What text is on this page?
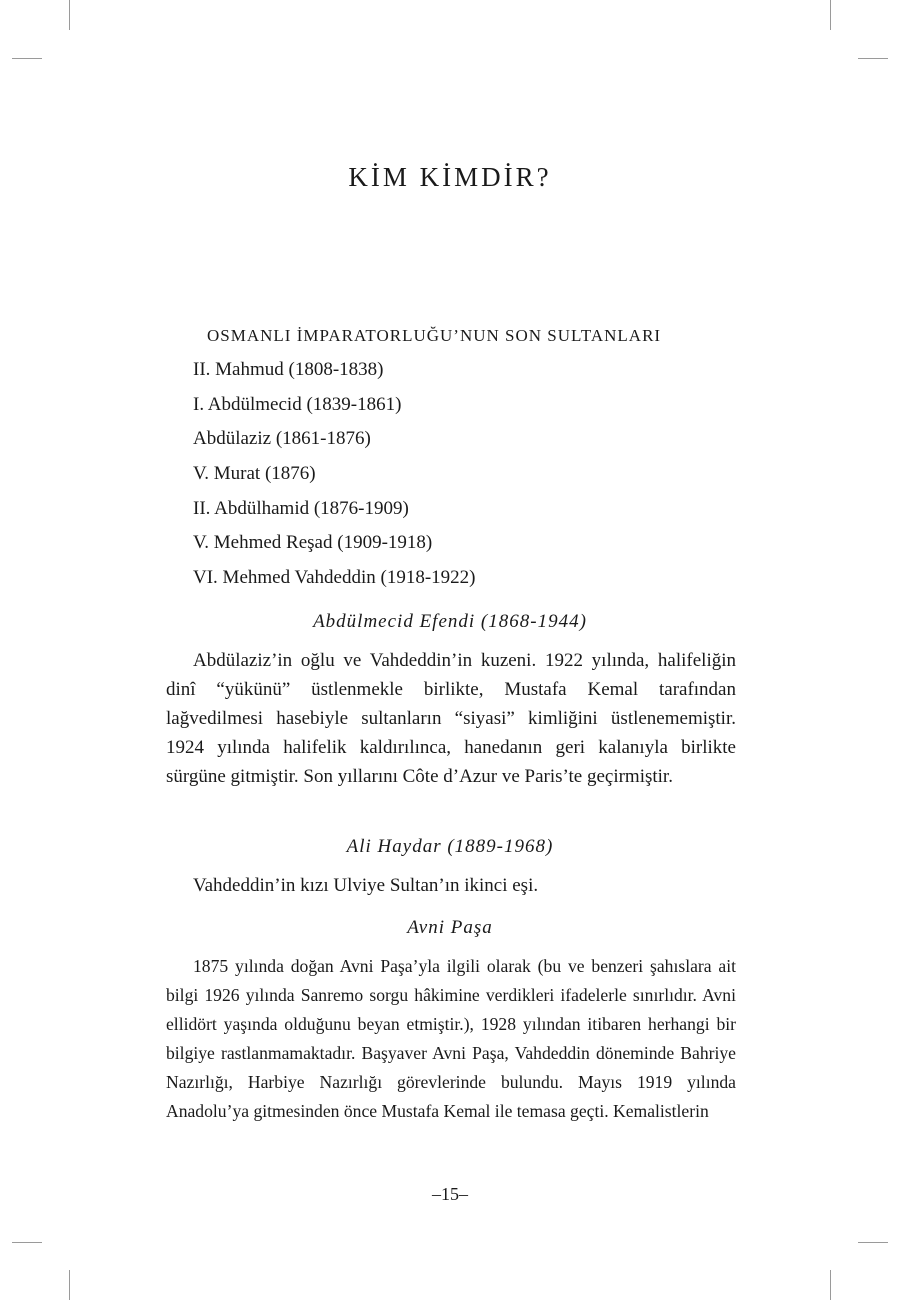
KİM KİMDİR?
OSMANLI İMPARATORLUĞU’NUN SON SULTANLARI
II. Mahmud (1808-1838)
I. Abdülmecid (1839-1861)
Abdülaziz (1861-1876)
V. Murat (1876)
II. Abdülhamid (1876-1909)
V. Mehmed Reşad (1909-1918)
VI. Mehmed Vahdeddin (1918-1922)
Abdülmecid Efendi (1868-1944)

Abdülaziz’in oğlu ve Vahdeddin’in kuzeni. 1922 yılında, halifeliğin dinî “yükünü” üstlenmekle birlikte, Mustafa Kemal tarafından lağvedilmesi hasebiyle sultanların “siyasi” kimliğini üstlenememiştir. 1924 yılında halifelik kaldırılınca, hanedanın geri kalanıyla birlikte sürgüne gitmiştir. Son yıllarını Côte d’Azur ve Paris’te geçirmiştir.

Ali Haydar (1889-1968)

Vahdeddin’in kızı Ulviye Sultan’ın ikinci eşi.

Avni Paşa

1875 yılında doğan Avni Paşa’yla ilgili olarak (bu ve benzeri şahıslara ait bilgi 1926 yılında Sanremo sorgu hâkimine verdikleri ifadelerle sınırlıdır. Avni ellidört yaşında olduğunu beyan etmiştir.), 1928 yılından itibaren herhangi bir bilgiye rastlanmamaktadır. Başyaver Avni Paşa, Vahdeddin döneminde Bahriye Nazırlığı, Harbiye Nazırlığı görevlerinde bulundu. Mayıs 1919 yılında Anadolu’ya gitmesinden önce Mustafa Kemal ile temasa geçti. Kemalistlerin

–15–
